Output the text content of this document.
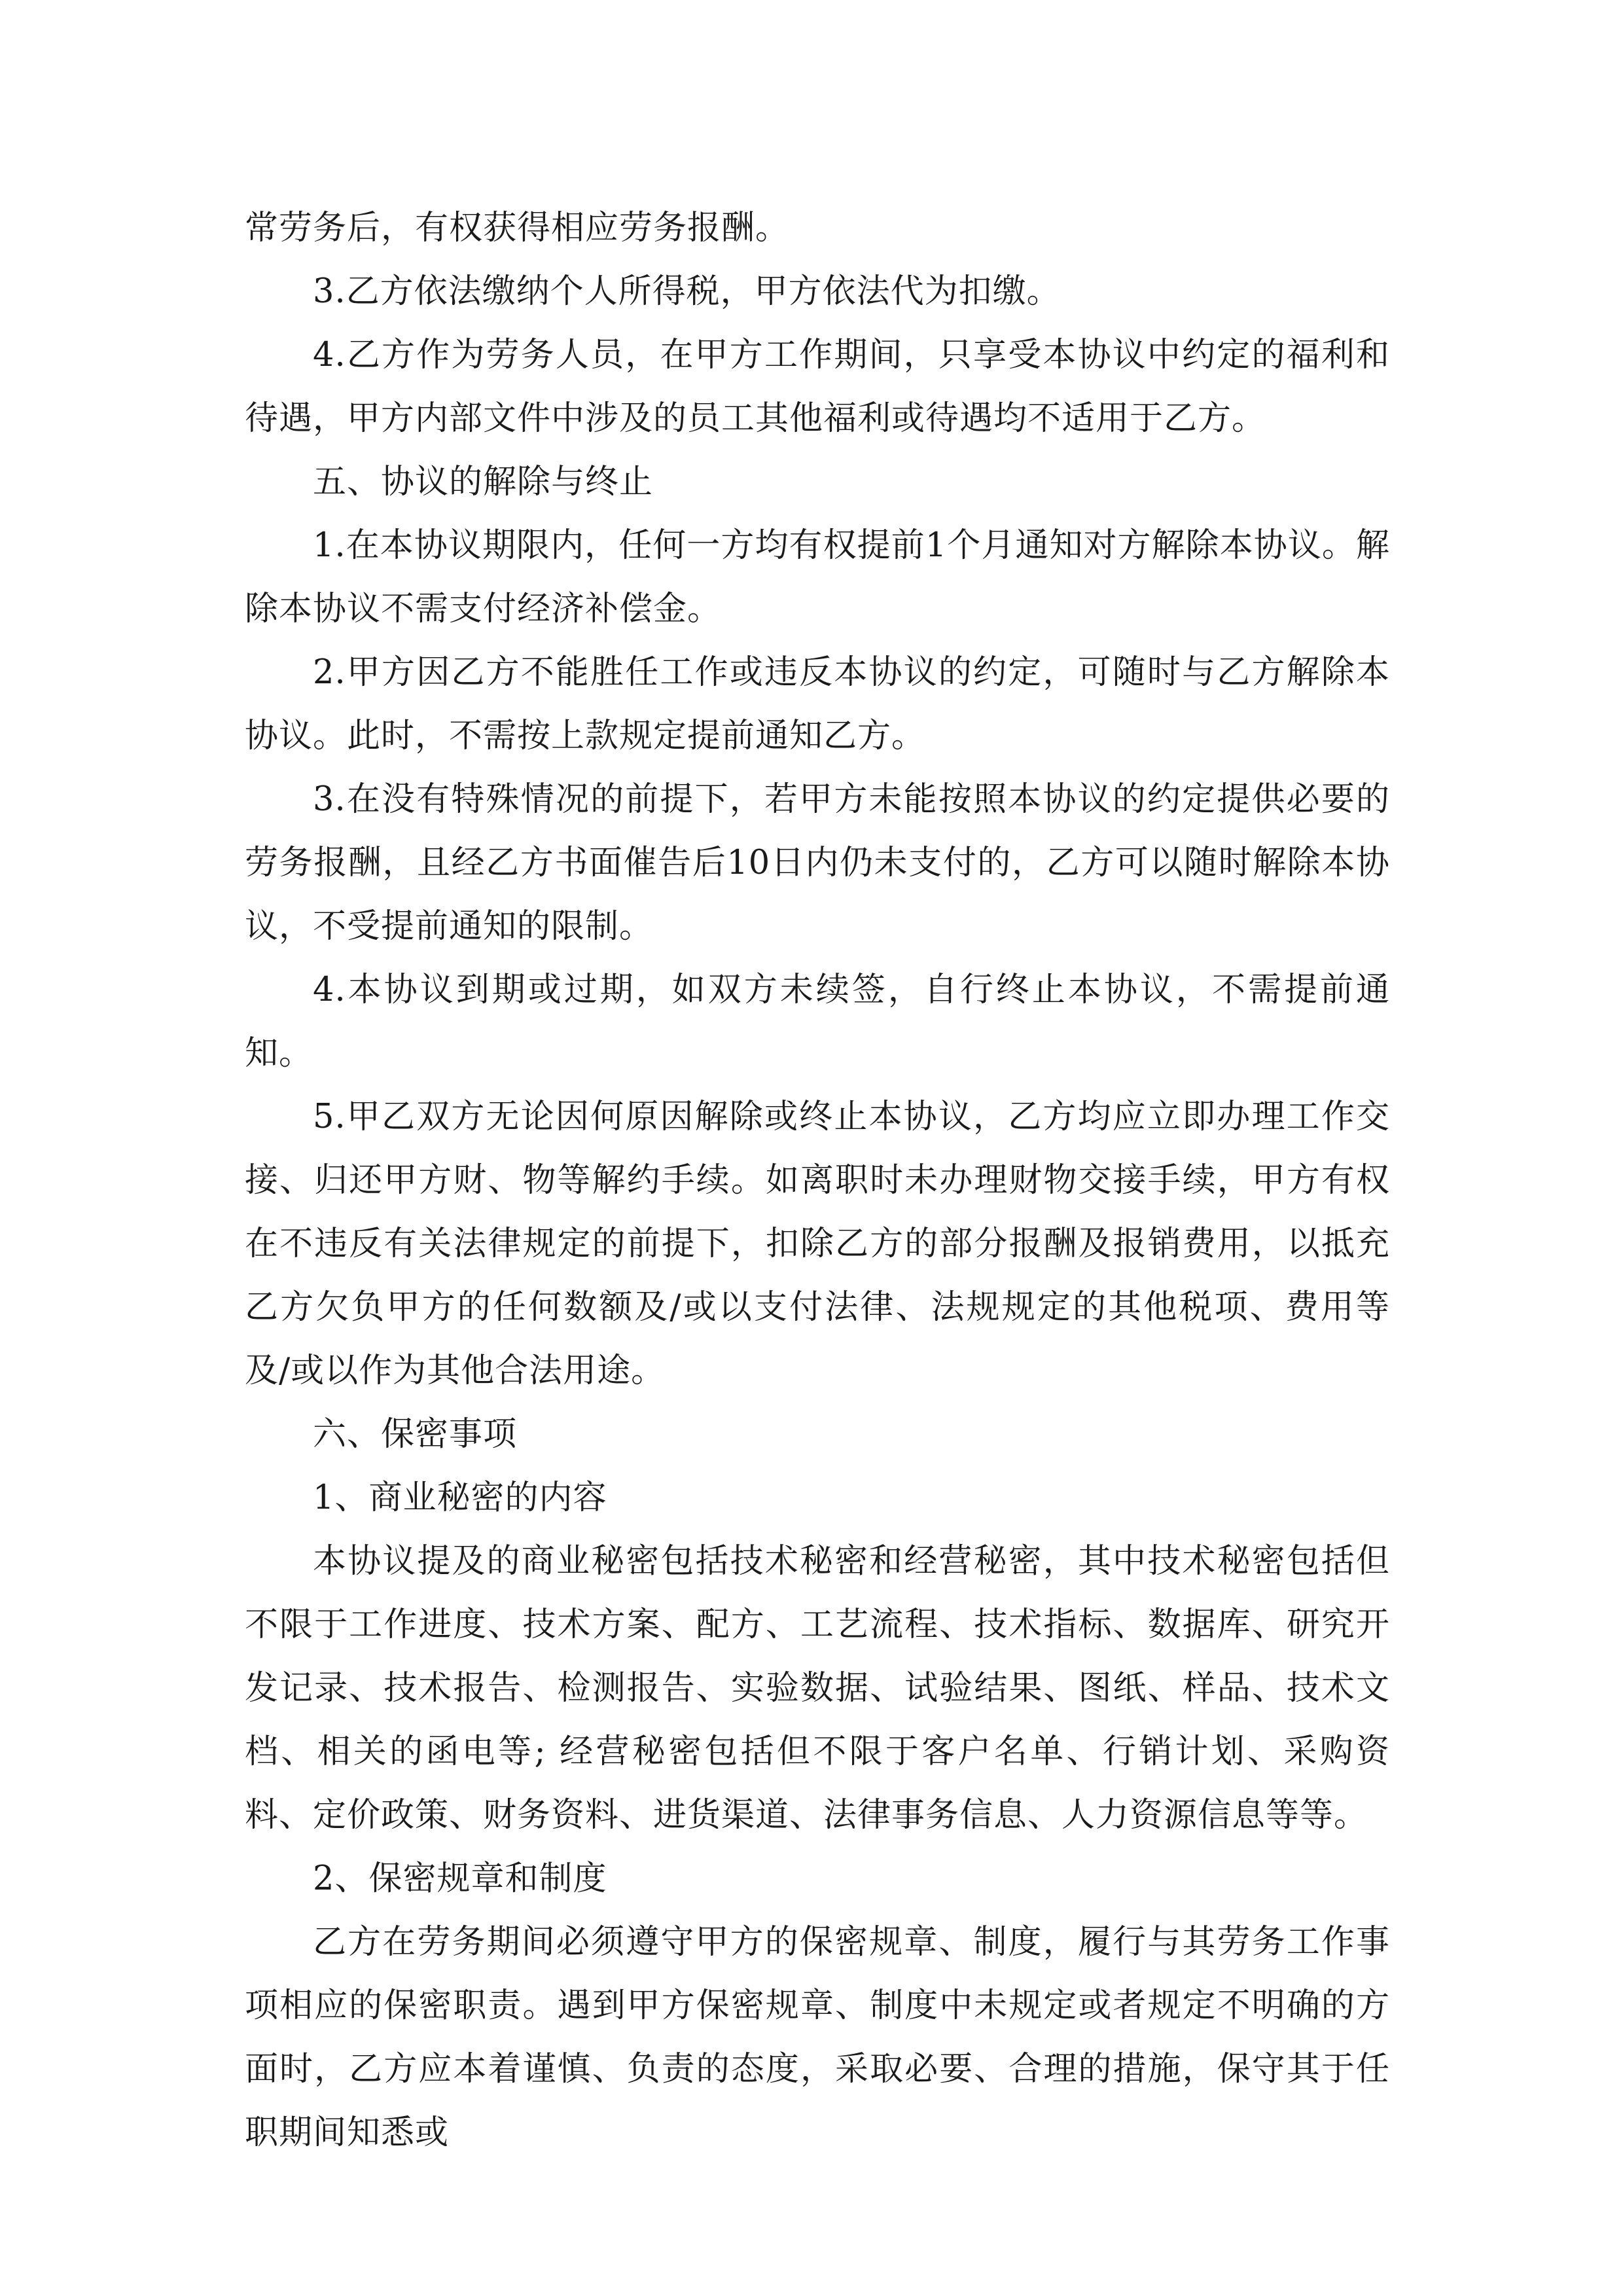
常劳务后，有权获得相应劳务报酬。

3.乙方依法缴纳个人所得税，甲方依法代为扣缴。

4.乙方作为劳务人员，在甲方工作期间，只享受本协议中约定的福利和待遇，甲方内部文件中涉及的员工其他福利或待遇均不适用于乙方。

五、协议的解除与终止

1.在本协议期限内，任何一方均有权提前1个月通知对方解除本协议。解除本协议不需支付经济补偿金。

2.甲方因乙方不能胜任工作或违反本协议的约定，可随时与乙方解除本协议。此时，不需按上款规定提前通知乙方。

3.在没有特殊情况的前提下，若甲方未能按照本协议的约定提供必要的劳务报酬，且经乙方书面催告后10日内仍未支付的，乙方可以随时解除本协议，不受提前通知的限制。

4.本协议到期或过期，如双方未续签，自行终止本协议，不需提前通知。

5.甲乙双方无论因何原因解除或终止本协议，乙方均应立即办理工作交接、归还甲方财、物等解约手续。如离职时未办理财物交接手续，甲方有权在不违反有关法律规定的前提下，扣除乙方的部分报酬及报销费用，以抵充乙方欠负甲方的任何数额及/或以支付法律、法规规定的其他税项、费用等及/或以作为其他合法用途。

六、保密事项

1、商业秘密的内容

本协议提及的商业秘密包括技术秘密和经营秘密，其中技术秘密包括但不限于工作进度、技术方案、配方、工艺流程、技术指标、数据库、研究开发记录、技术报告、检测报告、实验数据、试验结果、图纸、样品、技术文档、相关的函电等; 经营秘密包括但不限于客户名单、行销计划、采购资料、定价政策、财务资料、进货渠道、法律事务信息、人力资源信息等等。

2、保密规章和制度

乙方在劳务期间必须遵守甲方的保密规章、制度，履行与其劳务工作事项相应的保密职责。遇到甲方保密规章、制度中未规定或者规定不明确的方面时，乙方应本着谨慎、负责的态度，采取必要、合理的措施，保守其于任职期间知悉或
